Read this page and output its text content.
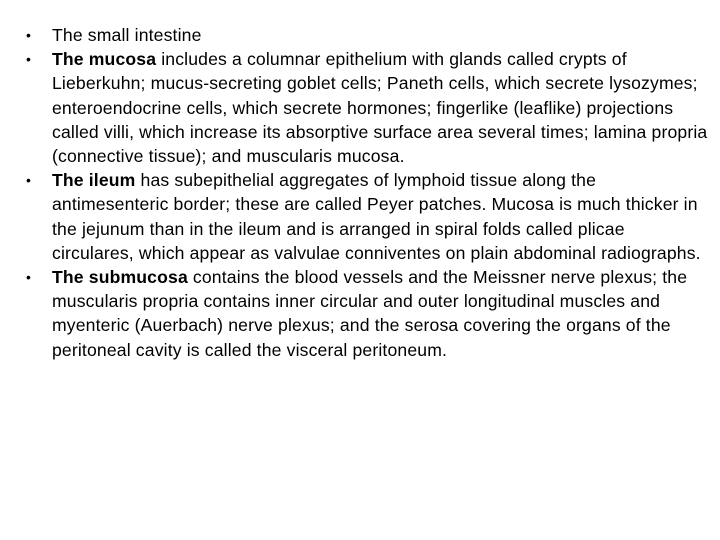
•	The small intestine
•	The mucosa includes a columnar epithelium with glands called crypts of Lieberkuhn; mucus-secreting goblet cells; Paneth cells, which secrete lysozymes; enteroendocrine cells, which secrete hormones; fingerlike (leaflike) projections called villi, which increase its absorptive surface area several times; lamina propria (connective tissue); and muscularis mucosa.
•	The ileum has subepithelial aggregates of lymphoid tissue along the antimesenteric border; these are called Peyer patches. Mucosa is much thicker in the jejunum than in the ileum and is arranged in spiral folds called plicae circulares, which appear as valvulae conniventes on plain abdominal radiographs.
•	The submucosa contains the blood vessels and the Meissner nerve plexus; the muscularis propria contains inner circular and outer longitudinal muscles and myenteric (Auerbach) nerve plexus; and the serosa covering the organs of the peritoneal cavity is called the visceral peritoneum.
